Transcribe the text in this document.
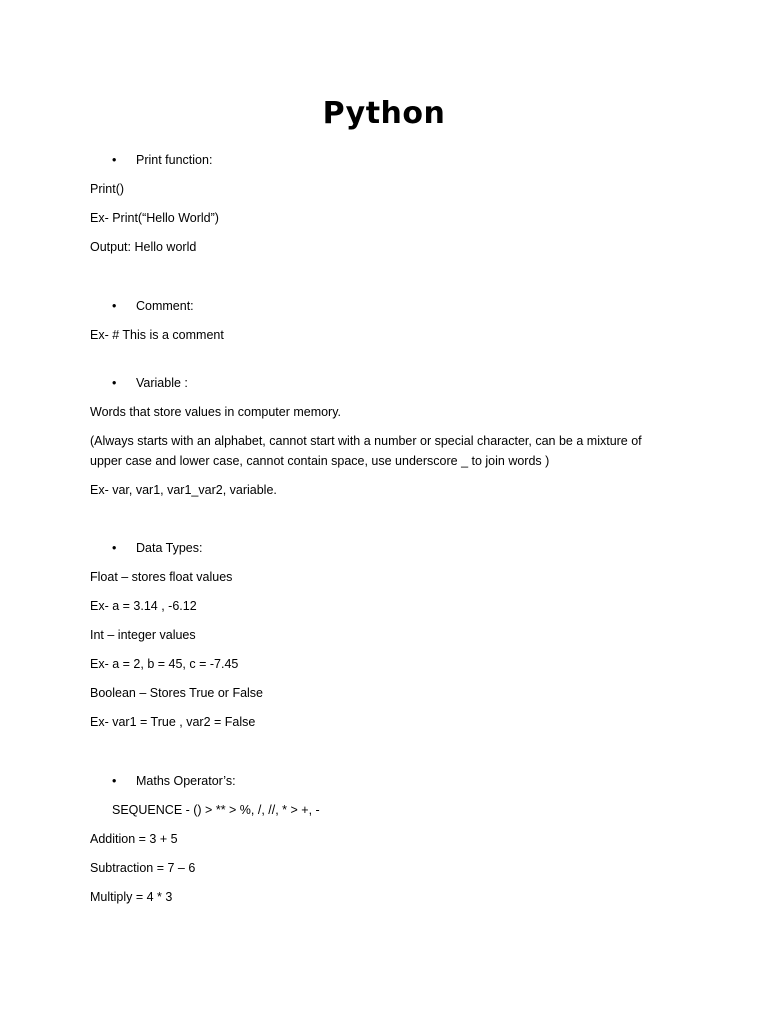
Python
• Print function:
Print()
Ex- Print(“Hello World”)
Output: Hello world
• Comment:
Ex- # This is a comment
• Variable :
Words that store values in computer memory.
(Always starts with an alphabet, cannot start with a number or special character, can be a mixture of upper case and lower case, cannot contain space, use underscore _ to join words )
Ex- var, var1, var1_var2, variable.
• Data Types:
Float – stores float values
Ex- a = 3.14 , -6.12
Int – integer values
Ex- a = 2, b = 45, c = -7.45
Boolean – Stores True or False
Ex- var1 = True , var2 = False
• Maths Operator’s:
SEQUENCE - () > ** > %, /, //, * > +, -
Addition = 3 + 5
Subtraction = 7 – 6
Multiply = 4 * 3
